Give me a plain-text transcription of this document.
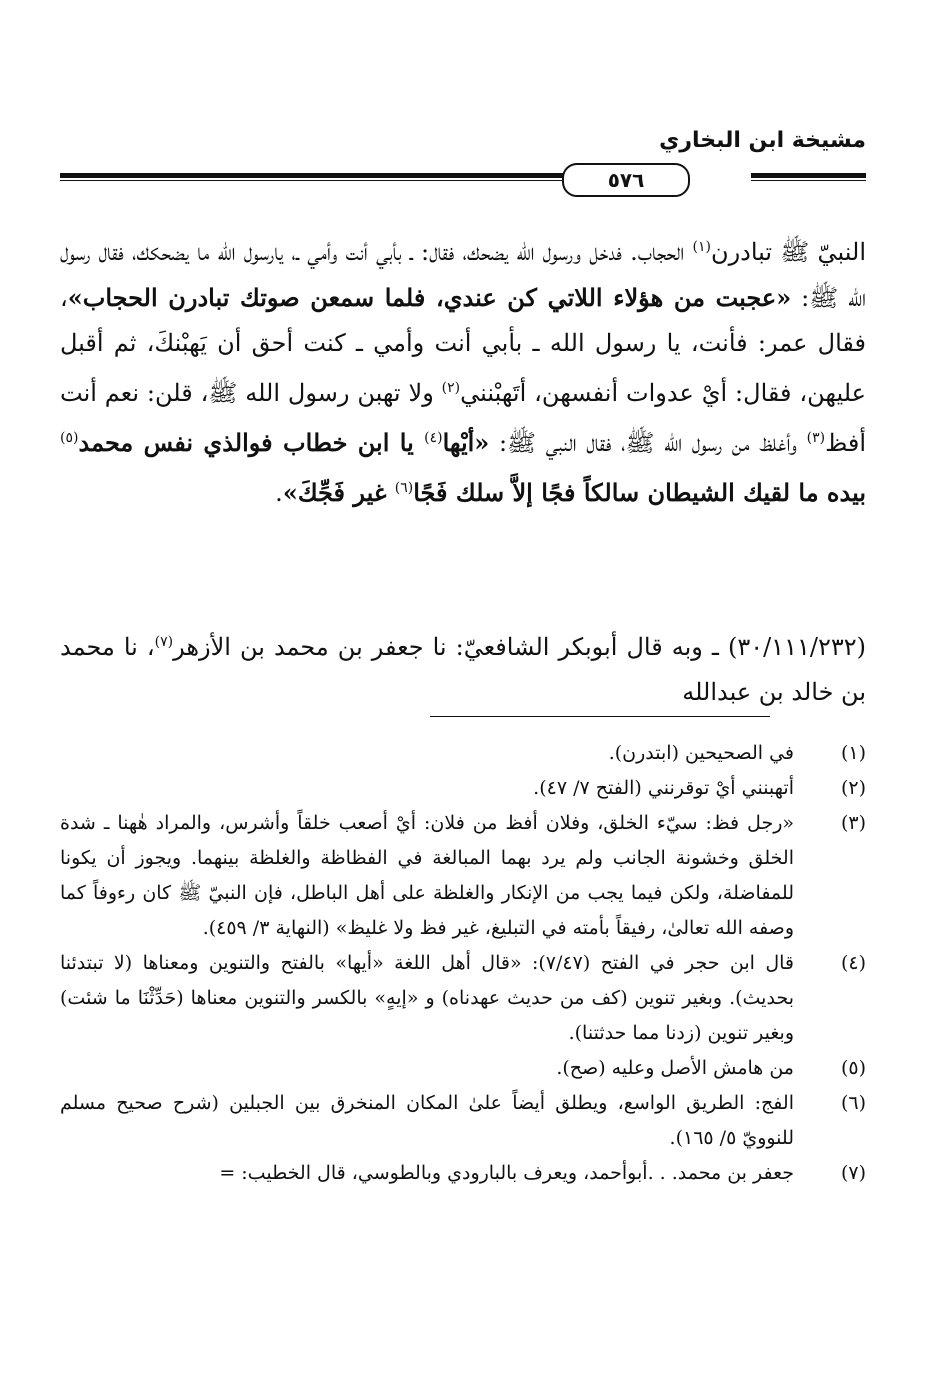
مشيخة ابن البخاري
٥٧٦
النبيّ ﷺ تبادرن$^{(١)}$ الحجاب. فدخل ورسول الله يضحك، فقال: ـ بأبي أنت وأمي ـ، يارسول الله ما يضحكك، فقال رسول الله ﷺ: «عجبت من هؤلاء اللاتي كن عندي، فلما سمعن صوتك تبادرن الحجاب»، فقال عمر: فأنت، يا رسول الله ـ بأبي أنت وأمي ـ كنت أحق أن يَهبْنكَ، ثم أقبل عليهن، فقال: أيْ عدوات أنفسهن، أتَهبْنني$^{(٢)}$ ولا تهبن رسول الله ﷺ، قلن: نعم أنت أفظ$^{(٣)}$ وأغلظ من رسول الله ﷺ، فقال النبي ﷺ: «أيْها$^{(٤)}$ يا ابن خطاب فوالذي نفس محمد$^{(٥)}$ بيده ما لقيك الشيطان سالكاً فجًا إلاَّ سلك فَجًا$^{(٦)}$ غير فَجِّكَ».
(٣٠/١١١/٢٣٢) ـ وبه قال أبوبكر الشافعيّ: نا جعفر بن محمد بن الأزهر$^{(٧)}$، نا محمد بن خالد بن عبدالله
(١)
في الصحيحين (ابتدرن).
(٢)
أتهبنني أيْ توقرنني (الفتح ٧/ ٤٧).
(٣)
«رجل فظ: سيّء الخلق، وفلان أفظ من فلان: أيْ أصعب خلقاً وأشرس، والمراد هٰهنا ـ شدة الخلق وخشونة الجانب ولم يرد بهما المبالغة في الفظاظة والغلظة بينهما. ويجوز أن يكونا للمفاضلة، ولكن فيما يجب من الإنكار والغلظة على أهل الباطل، فإن النبيّ ﷺ كان رءوفاً كما وصفه الله تعالىٰ، رفيقاً بأمته في التبليغ، غير فظ ولا غليظ» (النهاية ٣/ ٤٥٩).
(٤)
قال ابن حجر في الفتح (٧/٤٧): «قال أهل اللغة «أيها» بالفتح والتنوين ومعناها (لا تبتدئنا بحديث). وبغير تنوين (كف من حديث عهدناه) و «إيهٍ» بالكسر والتنوين معناها (حَدِّثْنَا ما شئت) وبغير تنوين (زدنا مما حدثتنا).
(٥)
من هامش الأصل وعليه (صح).
(٦)
الفج: الطريق الواسع، ويطلق أيضاً علىٰ المكان المنخرق بين الجبلين (شرح صحيح مسلم للنوويّ ٥/ ١٦٥).
(٧)
جعفر بن محمد. . .أبوأحمد، ويعرف بالبارودي وبالطوسي، قال الخطيب: =
